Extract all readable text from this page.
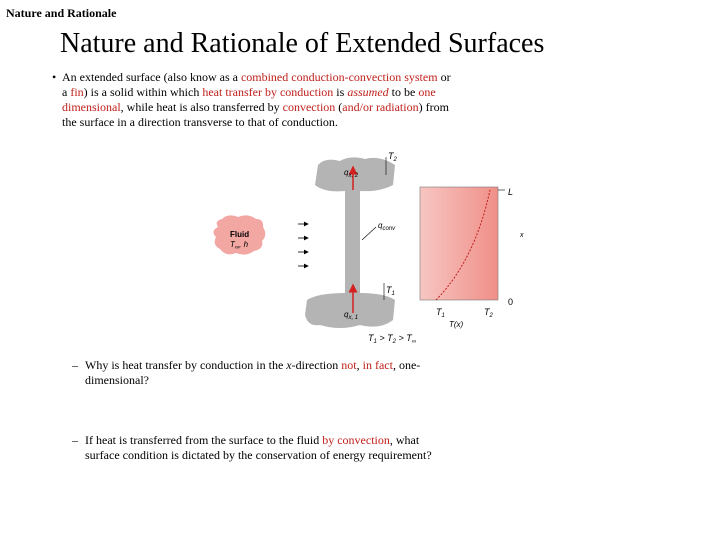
Nature and Rationale
Nature and Rationale of Extended Surfaces
• An extended surface (also know as a combined conduction-convection system or a fin) is a solid within which heat transfer by conduction is assumed to be one dimensional, while heat is also transferred by convection (and/or radiation) from the surface in a direction transverse to that of conduction.
$q_{x, 2}$
$T_2$
$q_{conv}$
$T_1$
$q_{x, 1}$
Fluid
$T_\infty$, h
L
0
x
$T_1$	$T_2$
T(x)
$T_1 > T_2 > T_\infty$
– Why is heat transfer by conduction in the x-direction not, in fact, one-dimensional?
– If heat is transferred from the surface to the fluid by convection, what surface condition is dictated by the conservation of energy requirement?
